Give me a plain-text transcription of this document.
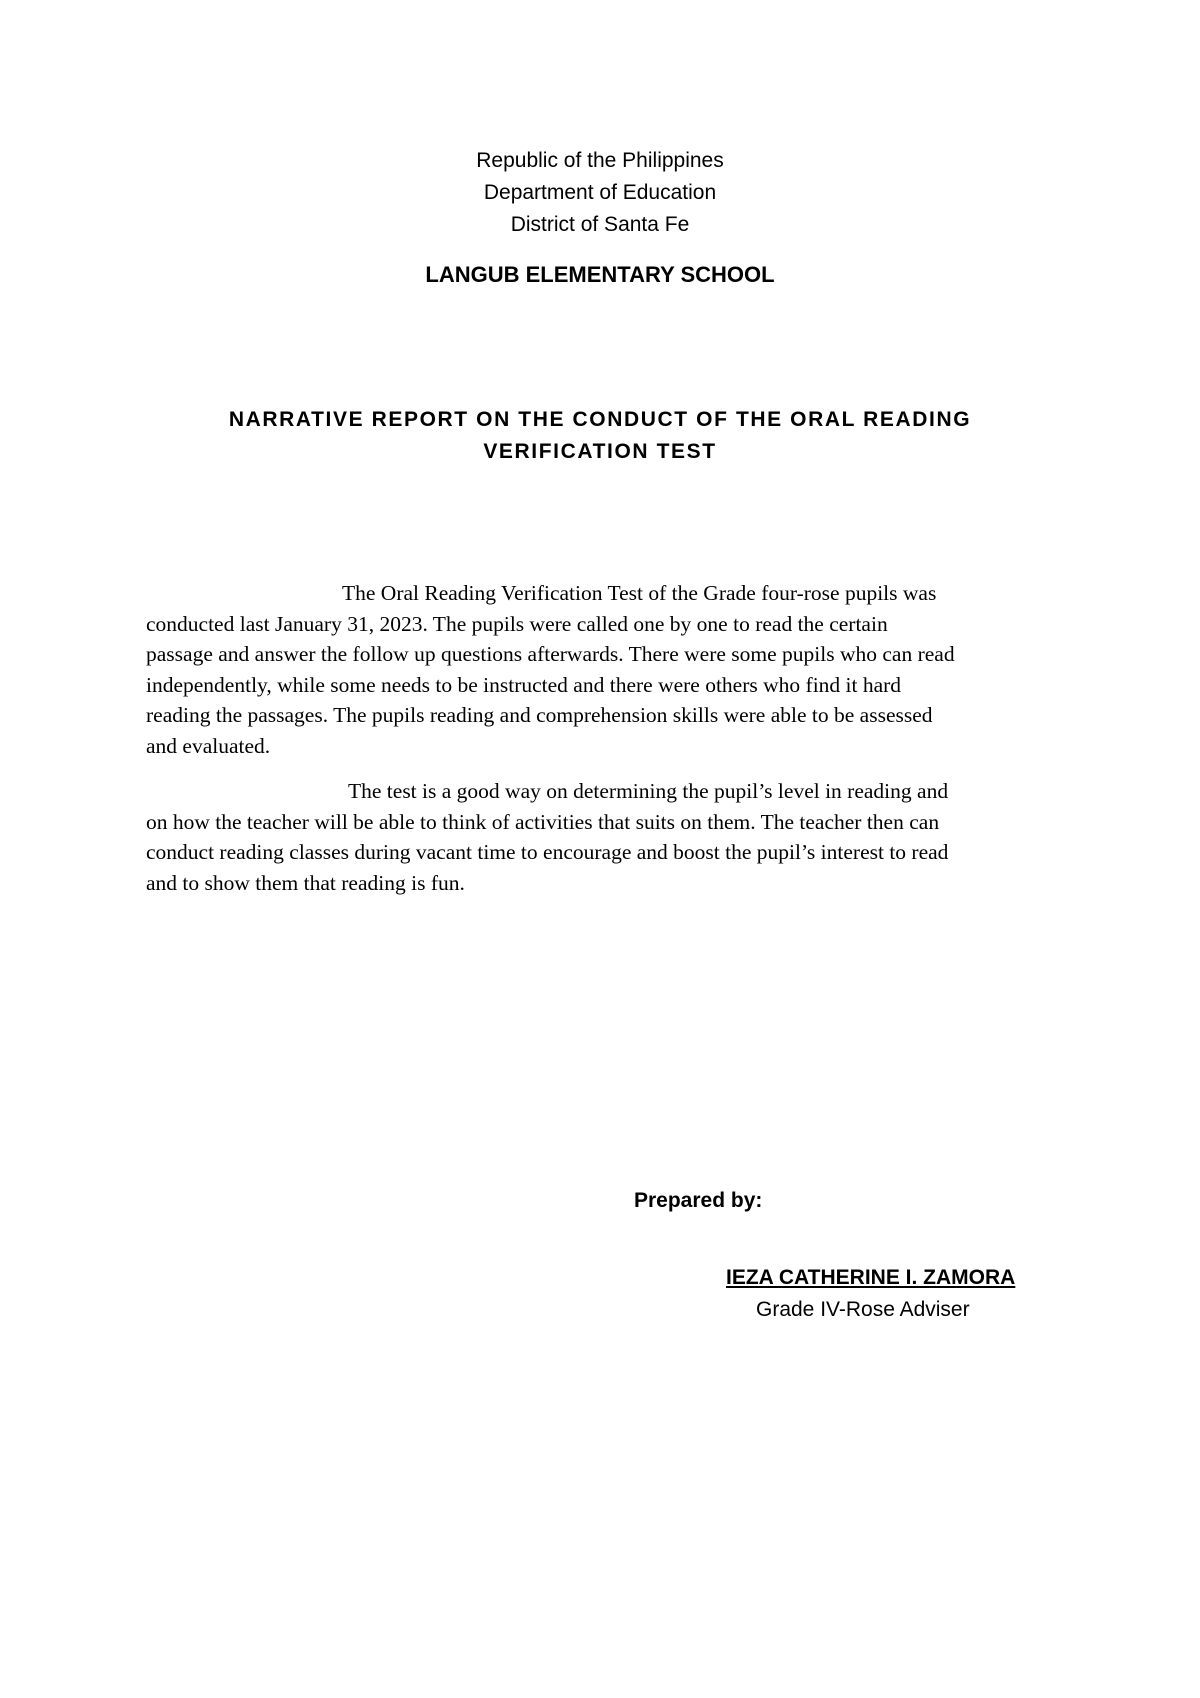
Republic of the Philippines
Department of Education
District of Santa Fe
LANGUB ELEMENTARY SCHOOL
NARRATIVE REPORT ON THE CONDUCT OF THE ORAL READING
VERIFICATION TEST
The Oral Reading Verification Test of the Grade four-rose pupils was
conducted last January 31, 2023. The pupils were called one by one to read the certain
passage and answer the follow up questions afterwards. There were some pupils who can read
independently, while some needs to be instructed and there were others who find it hard
reading the passages. The pupils reading and comprehension skills were able to be assessed
and evaluated.
The test is a good way on determining the pupil’s level in reading and
on how the teacher will be able to think of activities that suits on them. The teacher then can
conduct reading classes during vacant time to encourage and boost the pupil’s interest to read
and to show them that reading is fun.
Prepared by:
IEZA CATHERINE I. ZAMORA
Grade IV-Rose Adviser
